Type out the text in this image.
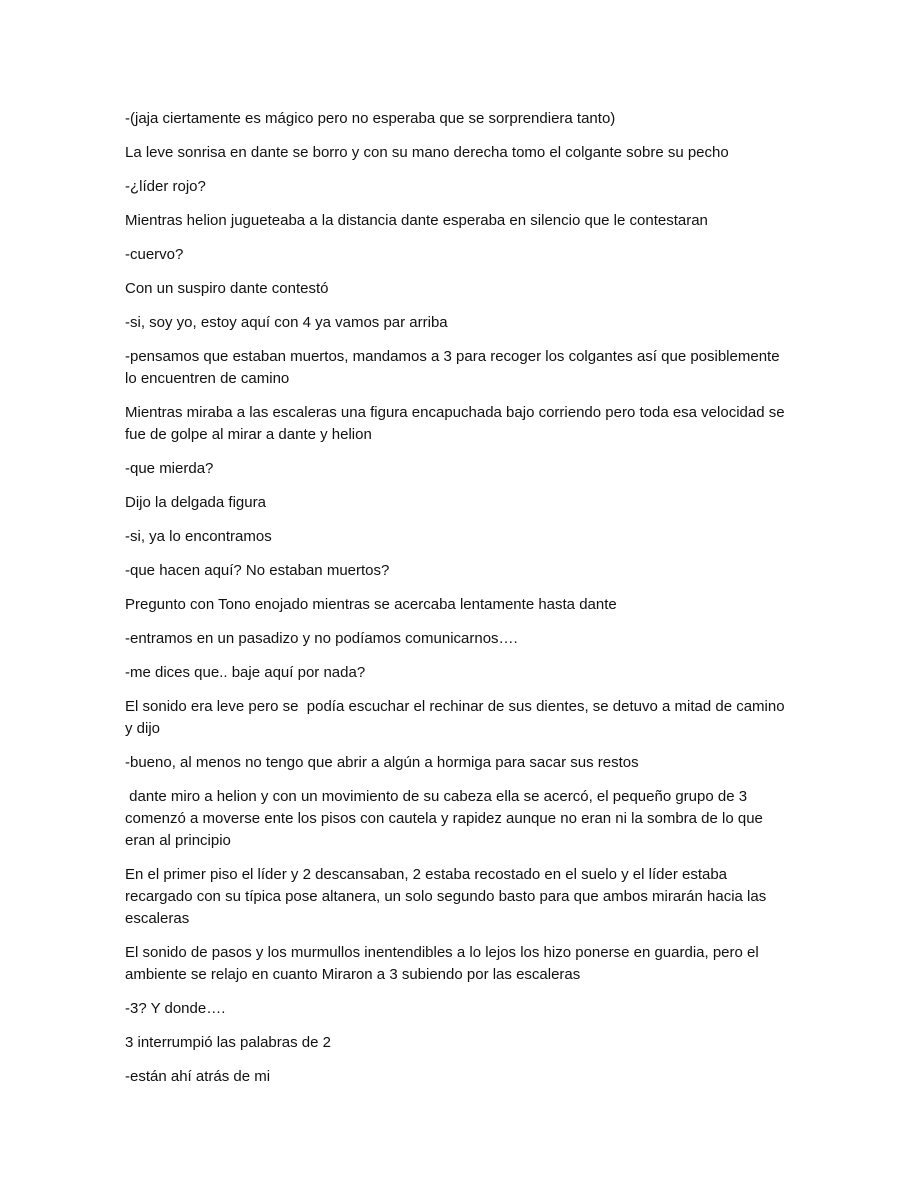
-(jaja ciertamente es mágico pero no esperaba que se sorprendiera tanto)

La leve sonrisa en dante se borro y con su mano derecha tomo el colgante sobre su pecho

-¿líder rojo?

Mientras helion jugueteaba a la distancia dante esperaba en silencio que le contestaran

-cuervo?

Con un suspiro dante contestó

-si, soy yo, estoy aquí con 4 ya vamos par arriba

-pensamos que estaban muertos, mandamos a 3 para recoger los colgantes así que posiblemente lo encuentren de camino

Mientras miraba a las escaleras una figura encapuchada bajo corriendo pero toda esa velocidad se fue de golpe al mirar a dante y helion

-que mierda?

Dijo la delgada figura

-si, ya lo encontramos

-que hacen aquí? No estaban muertos?

Pregunto con Tono enojado mientras se acercaba lentamente hasta dante

-entramos en un pasadizo y no podíamos comunicarnos….

-me dices que.. baje aquí por nada?

El sonido era leve pero se  podía escuchar el rechinar de sus dientes, se detuvo a mitad de camino y dijo

-bueno, al menos no tengo que abrir a algún a hormiga para sacar sus restos

dante miro a helion y con un movimiento de su cabeza ella se acercó, el pequeño grupo de 3 comenzó a moverse ente los pisos con cautela y rapidez aunque no eran ni la sombra de lo que eran al principio

En el primer piso el líder y 2 descansaban, 2 estaba recostado en el suelo y el líder estaba recargado con su típica pose altanera, un solo segundo basto para que ambos mirarán hacia las escaleras

El sonido de pasos y los murmullos inentendibles a lo lejos los hizo ponerse en guardia, pero el ambiente se relajo en cuanto Miraron a 3 subiendo por las escaleras

-3? Y donde….

3 interrumpió las palabras de 2

-están ahí atrás de mi
